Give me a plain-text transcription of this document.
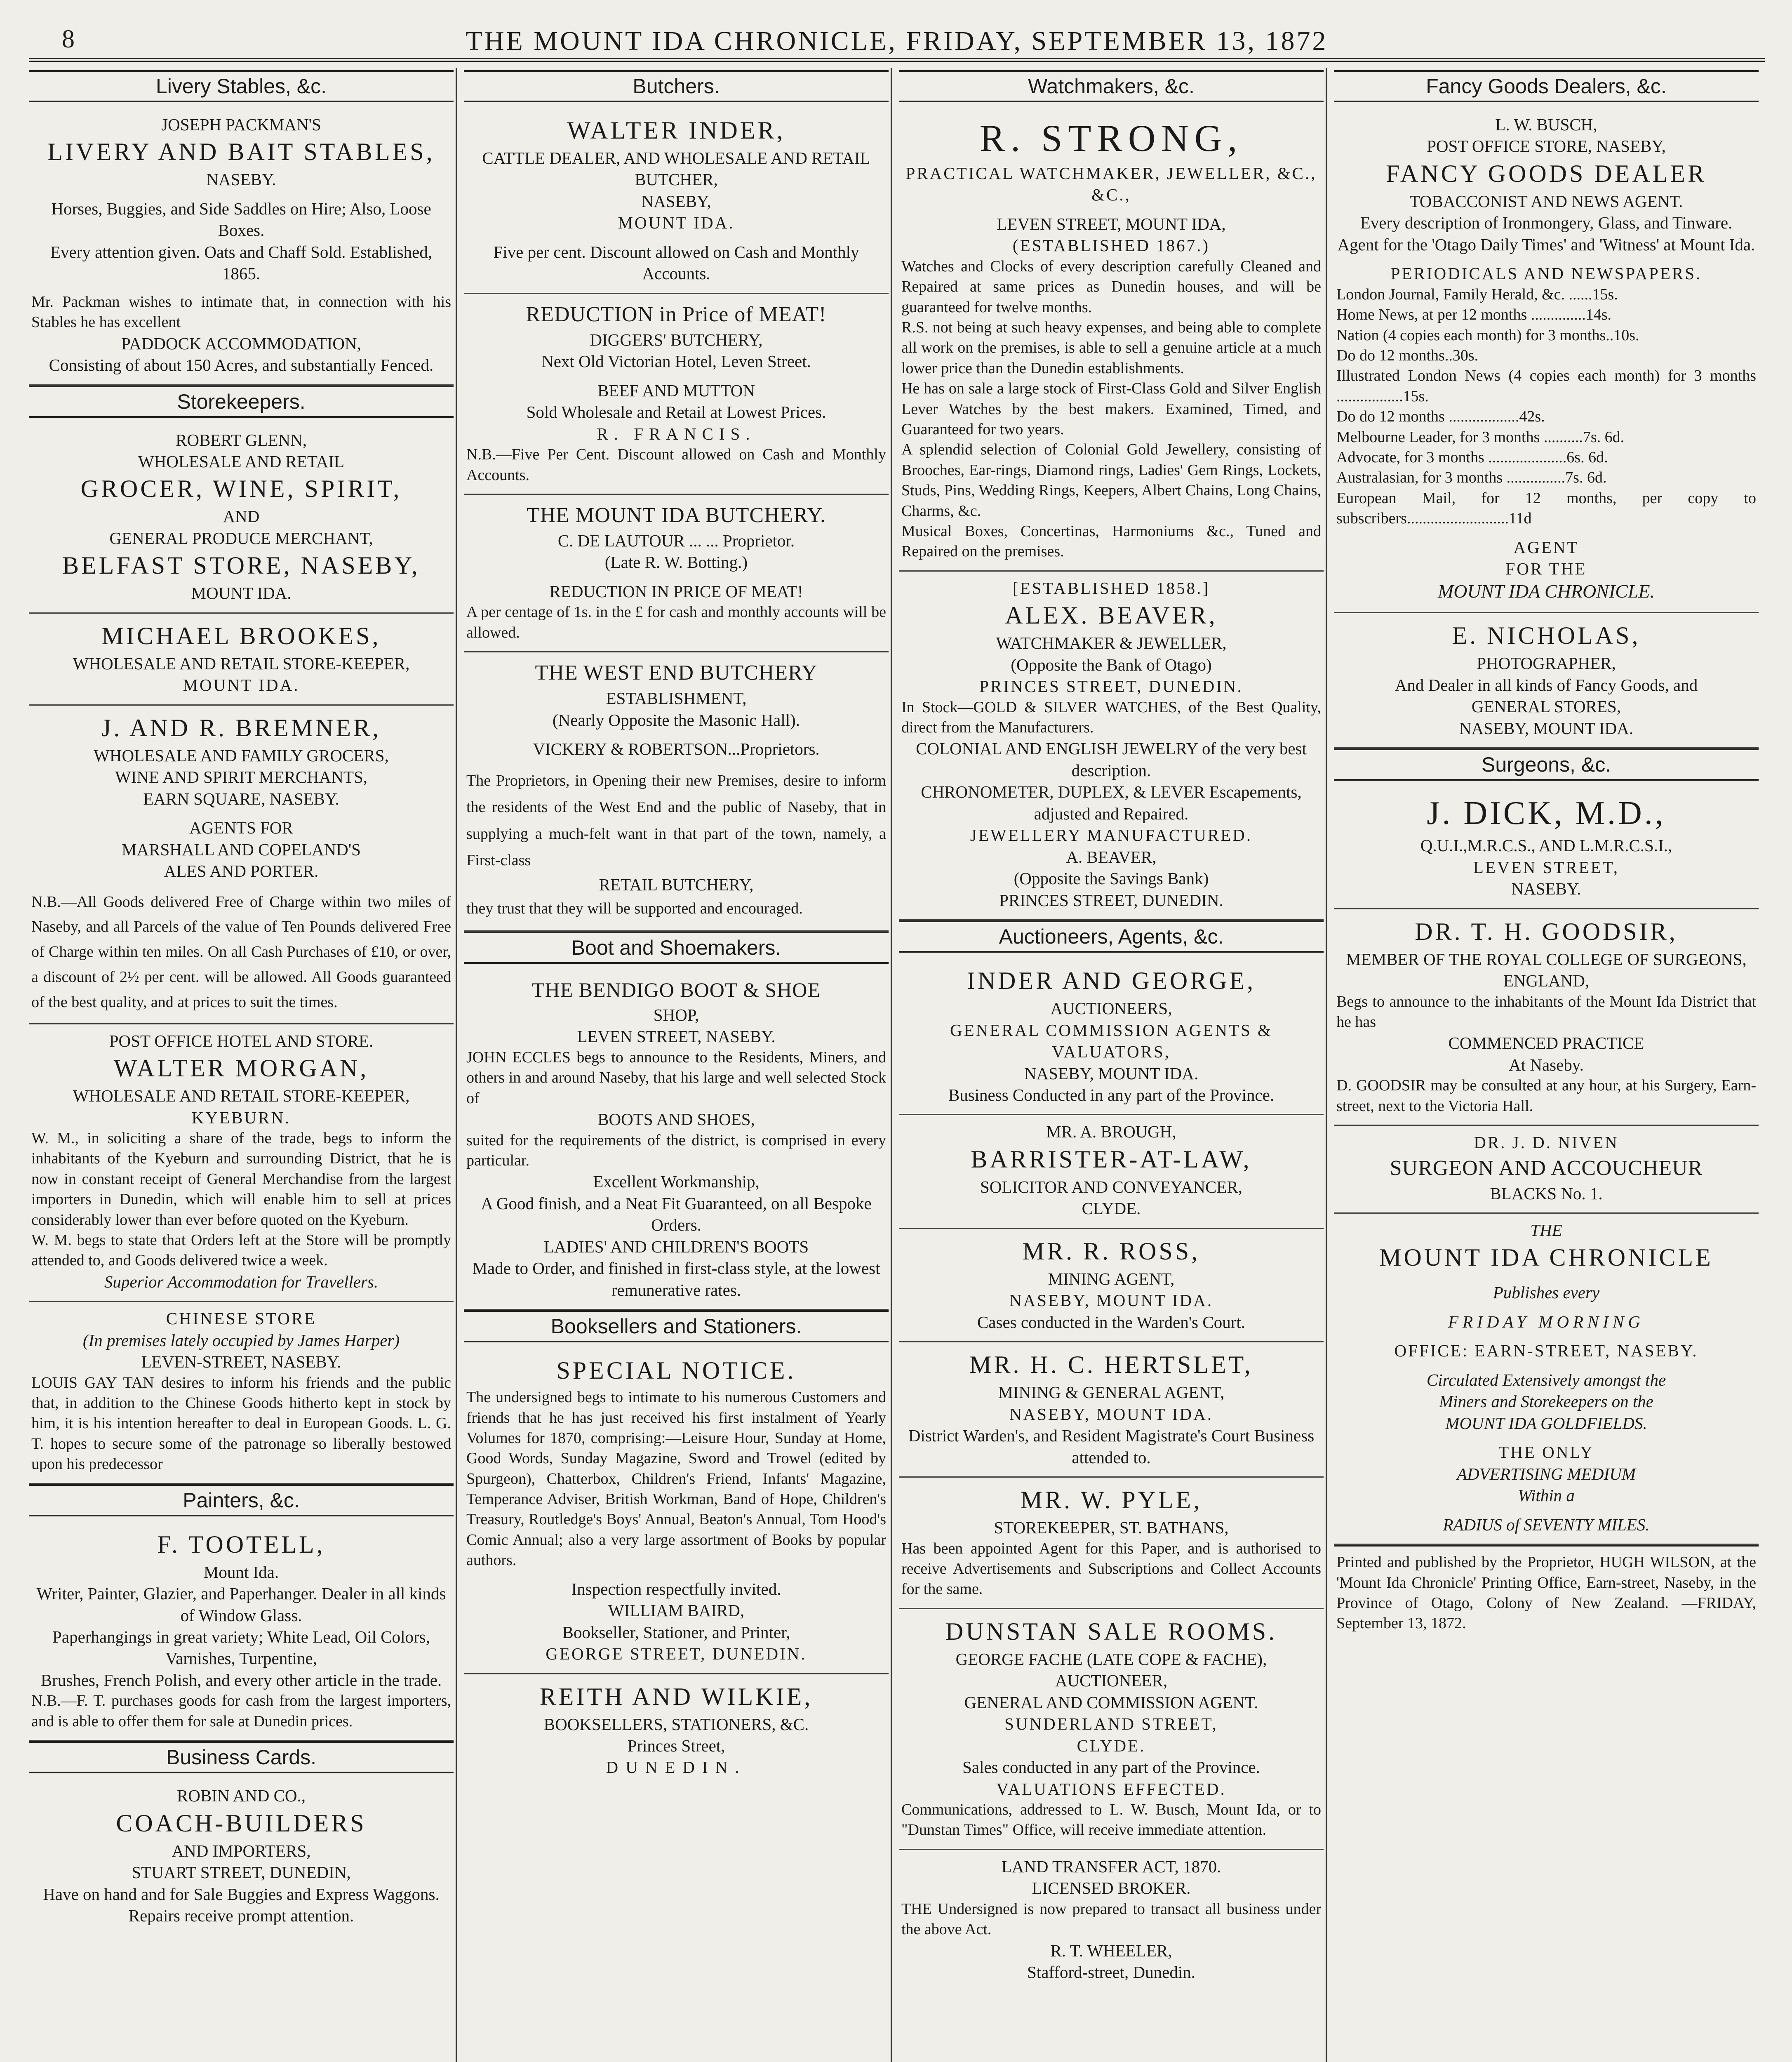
8	THE MOUNT IDA CHRONICLE, FRIDAY, SEPTEMBER 13, 1872
Livery Stables, &c.

JOSEPH PACKMAN'S

LIVERY AND BAIT STABLES,

NASEBY.

Horses, Buggies, and Side Saddles on Hire; Also, Loose Boxes.

Every attention given. Oats and Chaff Sold. Established, 1865.

Mr. Packman wishes to intimate that, in connection with his Stables he has excellent

PADDOCK ACCOMMODATION,

Consisting of about 150 Acres, and substantially Fenced.

Storekeepers.

ROBERT GLENN,

WHOLESALE AND RETAIL

GROCER, WINE, SPIRIT,

AND

GENERAL PRODUCE MERCHANT,

BELFAST STORE, NASEBY,

MOUNT IDA.

MICHAEL BROOKES,

WHOLESALE AND RETAIL STORE-KEEPER,

MOUNT IDA.

J. AND R. BREMNER,

WHOLESALE AND FAMILY GROCERS,

WINE AND SPIRIT MERCHANTS,

EARN SQUARE, NASEBY.

AGENTS FOR

MARSHALL AND COPELAND'S

ALES AND PORTER.

N.B.—All Goods delivered Free of Charge within two miles of Naseby, and all Parcels of the value of Ten Pounds delivered Free of Charge within ten miles. On all Cash Purchases of £10, or over, a discount of 2½ per cent. will be allowed. All Goods guaranteed of the best quality, and at prices to suit the times.

POST OFFICE HOTEL AND STORE.

WALTER MORGAN,

WHOLESALE AND RETAIL STORE-KEEPER,

KYEBURN.

W. M., in soliciting a share of the trade, begs to inform the inhabitants of the Kyeburn and surrounding District, that he is now in constant receipt of General Merchandise from the largest importers in Dunedin, which will enable him to sell at prices considerably lower than ever before quoted on the Kyeburn.

W. M. begs to state that Orders left at the Store will be promptly attended to, and Goods delivered twice a week.

Superior Accommodation for Travellers.

CHINESE STORE

(In premises lately occupied by James Harper)

LEVEN-STREET, NASEBY.

LOUIS GAY TAN desires to inform his friends and the public that, in addition to the Chinese Goods hitherto kept in stock by him, it is his intention hereafter to deal in European Goods. L. G. T. hopes to secure some of the patronage so liberally bestowed upon his predecessor

Painters, &c.

F. TOOTELL,

Mount Ida.

Writer, Painter, Glazier, and Paperhanger. Dealer in all kinds of Window Glass.

Paperhangings in great variety; White Lead, Oil Colors, Varnishes, Turpentine,

Brushes, French Polish, and every other article in the trade.

N.B.—F. T. purchases goods for cash from the largest importers, and is able to offer them for sale at Dunedin prices.

Business Cards.

ROBIN AND CO.,

COACH-BUILDERS

AND IMPORTERS,

STUART STREET, DUNEDIN,

Have on hand and for Sale Buggies and Express Waggons.

Repairs receive prompt attention.

Butchers.

WALTER INDER,

CATTLE DEALER, AND WHOLESALE AND RETAIL BUTCHER,

NASEBY,

MOUNT IDA.

Five per cent. Discount allowed on Cash and Monthly Accounts.

REDUCTION in Price of MEAT!

DIGGERS' BUTCHERY,

Next Old Victorian Hotel, Leven Street.

BEEF AND MUTTON

Sold Wholesale and Retail at Lowest Prices.

R. FRANCIS.

N.B.—Five Per Cent. Discount allowed on Cash and Monthly Accounts.

THE MOUNT IDA BUTCHERY.

C. DE LAUTOUR ... ... Proprietor.

(Late R. W. Botting.)

REDUCTION IN PRICE OF MEAT!

A per centage of 1s. in the £ for cash and monthly accounts will be allowed.

THE WEST END BUTCHERY

ESTABLISHMENT,

(Nearly Opposite the Masonic Hall).

VICKERY & ROBERTSON...Proprietors.

The Proprietors, in Opening their new Premises, desire to inform the residents of the West End and the public of Naseby, that in supplying a much-felt want in that part of the town, namely, a First-class

RETAIL BUTCHERY,

they trust that they will be supported and encouraged.

Boot and Shoemakers.

THE BENDIGO BOOT & SHOE

SHOP,

LEVEN STREET, NASEBY.

JOHN ECCLES begs to announce to the Residents, Miners, and others in and around Naseby, that his large and well selected Stock of

BOOTS AND SHOES,

suited for the requirements of the district, is comprised in every particular.

Excellent Workmanship,

A Good finish, and a Neat Fit Guaranteed, on all Bespoke Orders.

LADIES' AND CHILDREN'S BOOTS

Made to Order, and finished in first-class style, at the lowest remunerative rates.

Booksellers and Stationers.

SPECIAL NOTICE.

The undersigned begs to intimate to his numerous Customers and friends that he has just received his first instalment of Yearly Volumes for 1870, comprising:—Leisure Hour, Sunday at Home, Good Words, Sunday Magazine, Sword and Trowel (edited by Spurgeon), Chatterbox, Children's Friend, Infants' Magazine, Temperance Adviser, British Workman, Band of Hope, Children's Treasury, Routledge's Boys' Annual, Beaton's Annual, Tom Hood's Comic Annual; also a very large assortment of Books by popular authors.

Inspection respectfully invited.

WILLIAM BAIRD,

Bookseller, Stationer, and Printer,

GEORGE STREET, DUNEDIN.

REITH AND WILKIE,

BOOKSELLERS, STATIONERS, &C.

Princes Street,

DUNEDIN.

Watchmakers, &c.

R. STRONG,

PRACTICAL WATCHMAKER, JEWELLER, &C., &C.,

LEVEN STREET, MOUNT IDA,

(ESTABLISHED 1867.)

Watches and Clocks of every description carefully Cleaned and Repaired at same prices as Dunedin houses, and will be guaranteed for twelve months.

R.S. not being at such heavy expenses, and being able to complete all work on the premises, is able to sell a genuine article at a much lower price than the Dunedin establishments.

He has on sale a large stock of First-Class Gold and Silver English Lever Watches by the best makers. Examined, Timed, and Guaranteed for two years.

A splendid selection of Colonial Gold Jewellery, consisting of Brooches, Ear-rings, Diamond rings, Ladies' Gem Rings, Lockets, Studs, Pins, Wedding Rings, Keepers, Albert Chains, Long Chains, Charms, &c.

Musical Boxes, Concertinas, Harmoniums &c., Tuned and Repaired on the premises.

[ESTABLISHED 1858.]

ALEX. BEAVER,

WATCHMAKER & JEWELLER,

(Opposite the Bank of Otago)

PRINCES STREET, DUNEDIN.

In Stock—GOLD & SILVER WATCHES, of the Best Quality, direct from the Manufacturers.

COLONIAL AND ENGLISH JEWELRY of the very best description.

CHRONOMETER, DUPLEX, & LEVER Escapements, adjusted and Repaired.

JEWELLERY MANUFACTURED.

A. BEAVER,

(Opposite the Savings Bank)

PRINCES STREET, DUNEDIN.

Auctioneers, Agents, &c.

INDER AND GEORGE,

AUCTIONEERS,

GENERAL COMMISSION AGENTS & VALUATORS,

NASEBY, MOUNT IDA.

Business Conducted in any part of the Province.

MR. A. BROUGH,

BARRISTER-AT-LAW,

SOLICITOR AND CONVEYANCER,

CLYDE.

MR. R. ROSS,

MINING AGENT,

NASEBY, MOUNT IDA.

Cases conducted in the Warden's Court.

MR. H. C. HERTSLET,

MINING & GENERAL AGENT,

NASEBY, MOUNT IDA.

District Warden's, and Resident Magistrate's Court Business attended to.

MR. W. PYLE,

STOREKEEPER, ST. BATHANS,

Has been appointed Agent for this Paper, and is authorised to receive Advertisements and Subscriptions and Collect Accounts for the same.

DUNSTAN SALE ROOMS.

GEORGE FACHE (LATE COPE & FACHE),

AUCTIONEER,

GENERAL AND COMMISSION AGENT.

SUNDERLAND STREET,

CLYDE.

Sales conducted in any part of the Province.

VALUATIONS EFFECTED.

Communications, addressed to L. W. Busch, Mount Ida, or to "Dunstan Times" Office, will receive immediate attention.

LAND TRANSFER ACT, 1870.

LICENSED BROKER.

THE Undersigned is now prepared to transact all business under the above Act.

R. T. WHEELER,

Stafford-street, Dunedin.

Fancy Goods Dealers, &c.

L. W. BUSCH,

POST OFFICE STORE, NASEBY,

FANCY GOODS DEALER

TOBACCONIST AND NEWS AGENT.

Every description of Ironmongery, Glass, and Tinware.

Agent for the 'Otago Daily Times' and 'Witness' at Mount Ida.

PERIODICALS AND NEWSPAPERS.

London Journal, Family Herald, &c. ......15s.

Home News, at per 12 months ..............14s.

Nation (4 copies each month) for 3 months..10s.

Do do 12 months..30s.

Illustrated London News (4 copies each month) for 3 months .................15s.

Do do 12 months ..................42s.

Melbourne Leader, for 3 months ..........7s. 6d.

Advocate, for 3 months ....................6s. 6d.

Australasian, for 3 months ...............7s. 6d.

European Mail, for 12 months, per copy to subscribers..........................11d

AGENT

FOR THE

MOUNT IDA CHRONICLE.

E. NICHOLAS,

PHOTOGRAPHER,

And Dealer in all kinds of Fancy Goods, and

GENERAL STORES,

NASEBY, MOUNT IDA.

Surgeons, &c.

J. DICK, M.D.,

Q.U.I.,M.R.C.S., AND L.M.R.C.S.I.,

LEVEN STREET,

NASEBY.

DR. T. H. GOODSIR,

MEMBER OF THE ROYAL COLLEGE OF SURGEONS, ENGLAND,

Begs to announce to the inhabitants of the Mount Ida District that he has

COMMENCED PRACTICE

At Naseby.

D. GOODSIR may be consulted at any hour, at his Surgery, Earn-street, next to the Victoria Hall.

DR. J. D. NIVEN

SURGEON AND ACCOUCHEUR

BLACKS No. 1.

THE

MOUNT IDA CHRONICLE

Publishes every

FRIDAY MORNING

OFFICE: EARN-STREET, NASEBY.

Circulated Extensively amongst the

Miners and Storekeepers on the

MOUNT IDA GOLDFIELDS.

THE ONLY

ADVERTISING MEDIUM

Within a

RADIUS of SEVENTY MILES.

Printed and published by the Proprietor, HUGH WILSON, at the 'Mount Ida Chronicle' Printing Office, Earn-street, Naseby, in the Province of Otago, Colony of New Zealand. —FRIDAY, September 13, 1872.
